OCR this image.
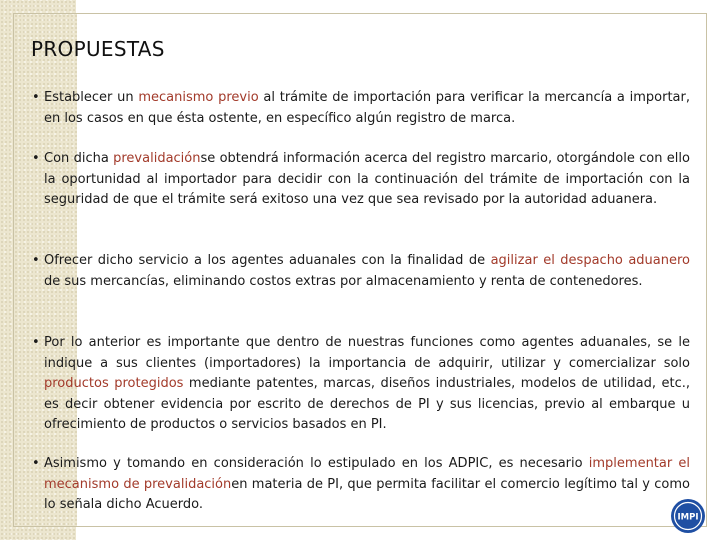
PROPUESTAS
• Establecer un mecanismo previo al trámite de importación para verificar la mercancía a importar, en los casos en que ésta ostente, en específico algún registro de marca.
• Con dicha prevalidaciónse obtendrá información acerca del registro marcario, otorgándole con ello la oportunidad al importador para decidir con la continuación del trámite de importación con la seguridad de que el trámite será exitoso una vez que sea revisado por la autoridad aduanera.
• Ofrecer dicho servicio a los agentes aduanales con la finalidad de agilizar el despacho aduanero de sus mercancías, eliminando costos extras por almacenamiento y renta de contenedores.
• Por lo anterior es importante que dentro de nuestras funciones como agentes aduanales, se le indique a sus clientes (importadores) la importancia de adquirir, utilizar y comercializar solo productos protegidos mediante patentes, marcas, diseños industriales, modelos de utilidad, etc., es decir obtener evidencia por escrito de derechos de PI y sus licencias, previo al embarque u ofrecimiento de productos o servicios basados en PI.
• Asimismo y tomando en consideración lo estipulado en los ADPIC, es necesario implementar el mecanismo de prevalidaciónen materia de PI, que permita facilitar el comercio legítimo tal y como lo señala dicho Acuerdo.
IMPI
